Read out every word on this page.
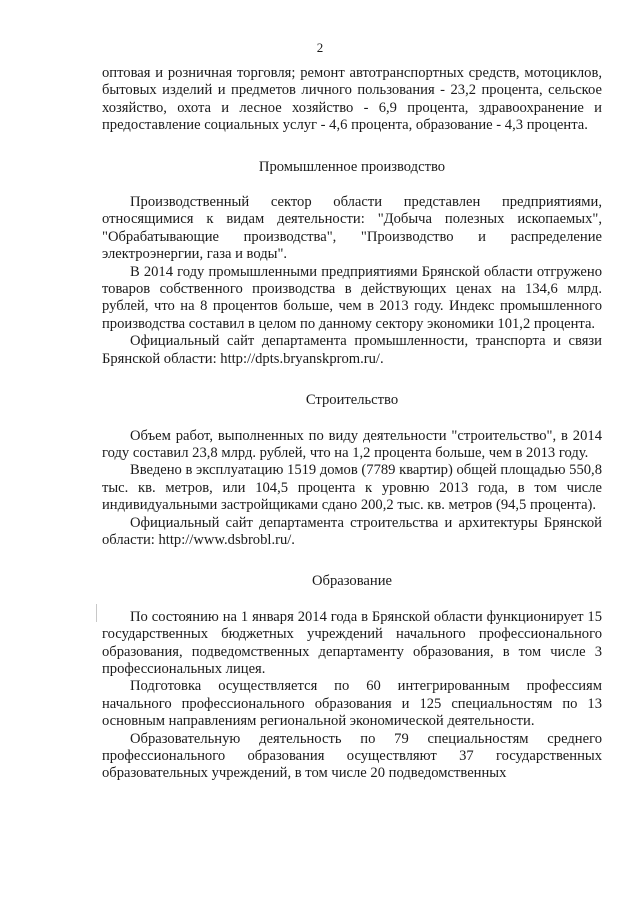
2

оптовая и розничная торговля; ремонт автотранспортных средств, мотоциклов, бытовых изделий и предметов личного пользования - 23,2 процента, сельское хозяйство, охота и лесное хозяйство - 6,9 процента, здравоохранение и предоставление социальных услуг - 4,6 процента, образование - 4,3 процента.

Промышленное производство

Производственный сектор области представлен предприятиями, относящимися к видам деятельности: "Добыча полезных ископаемых", "Обрабатывающие производства", "Производство и распределение электроэнергии, газа и воды".

В 2014 году промышленными предприятиями Брянской области отгружено товаров собственного производства в действующих ценах на 134,6 млрд. рублей, что на 8 процентов больше, чем в 2013 году. Индекс промышленного производства составил в целом по данному сектору экономики 101,2 процента.

Официальный сайт департамента промышленности, транспорта и связи Брянской области: http://dpts.bryanskprom.ru/.

Строительство

Объем работ, выполненных по виду деятельности "строительство", в 2014 году составил 23,8 млрд. рублей, что на 1,2 процента больше, чем в 2013 году.

Введено в эксплуатацию 1519 домов (7789 квартир) общей площадью 550,8 тыс. кв. метров, или 104,5 процента к уровню 2013 года, в том числе индивидуальными застройщиками сдано 200,2 тыс. кв. метров (94,5 процента).

Официальный сайт департамента строительства и архитектуры Брянской области: http://www.dsbrobl.ru/.

Образование

По состоянию на 1 января 2014 года в Брянской области функционирует 15 государственных бюджетных учреждений начального профессионального образования, подведомственных департаменту образования, в том числе 3 профессиональных лицея.

Подготовка осуществляется по 60 интегрированным профессиям начального профессионального образования и 125 специальностям по 13 основным направлениям региональной экономической деятельности.

Образовательную деятельность по 79 специальностям среднего профессионального образования осуществляют 37 государственных образовательных учреждений, в том числе 20 подведомственных
